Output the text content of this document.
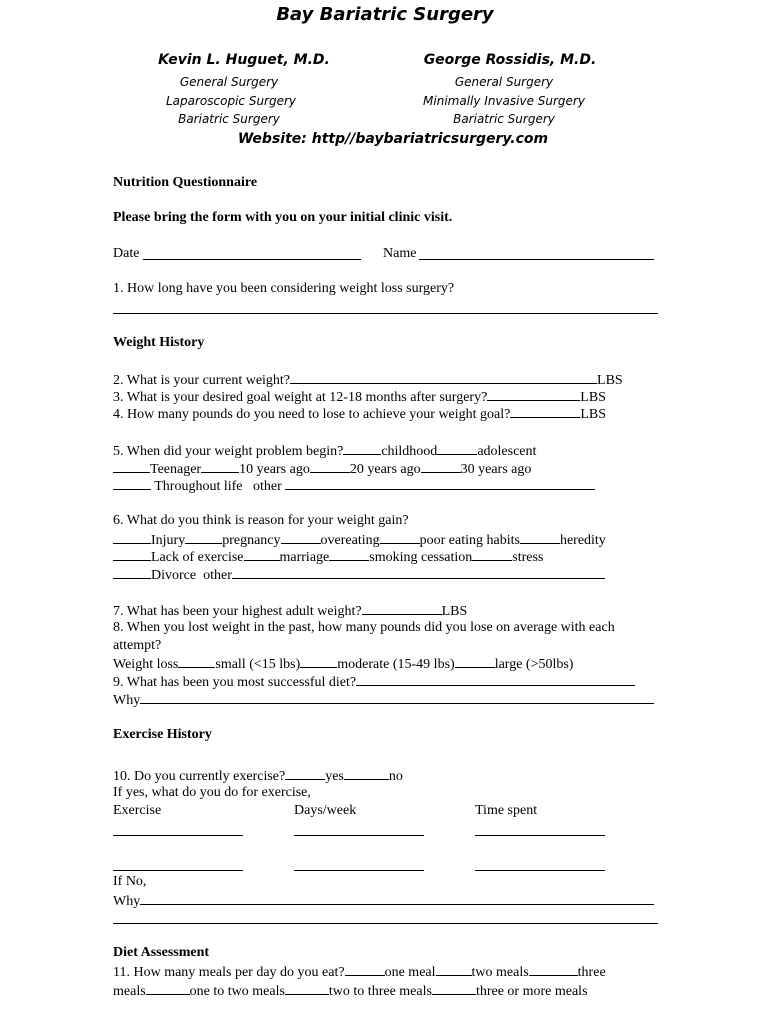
Bay Bariatric Surgery
Kevin L. Huguet, M.D.
General Surgery
Laparoscopic Surgery
Bariatric Surgery
George Rossidis, M.D.
General Surgery
Minimally Invasive Surgery
Bariatric Surgery
Website: http//baybariatricsurgery.com
Nutrition Questionnaire
Please bring the form with you on your initial clinic visit.
Date	Name
1. How long have you been considering weight loss surgery?
Weight History
2. What is your current weight?	LBS
3. What is your desired goal weight at 12-18 months after surgery?	LBS
4. How many pounds do you need to lose to achieve your weight goal?	LBS
5. When did your weight problem begin?	childhood	adolescent
Teenager	10 years ago	20 years ago	30 years ago
Throughout life   other
6. What do you think is reason for your weight gain?
Injury	pregnancy	overeating	poor eating habits	heredity
Lack of exercise	marriage	smoking cessation	stress
Divorce  other
7. What has been your highest adult weight?	LBS
8. When you lost weight in the past, how many pounds did you lose on average with each
attempt?
Weight loss	small (<15 lbs)	moderate (15-49 lbs)	large (>50lbs)
9. What has been you most successful diet?
Why
Exercise History
10. Do you currently exercise?	yes	no
If yes, what do you do for exercise,
Exercise	Days/week	Time spent
If No,
Why
Diet Assessment
11. How many meals per day do you eat?	one meal	two meals	three
meals	one to two meals	two to three meals	three or more meals
